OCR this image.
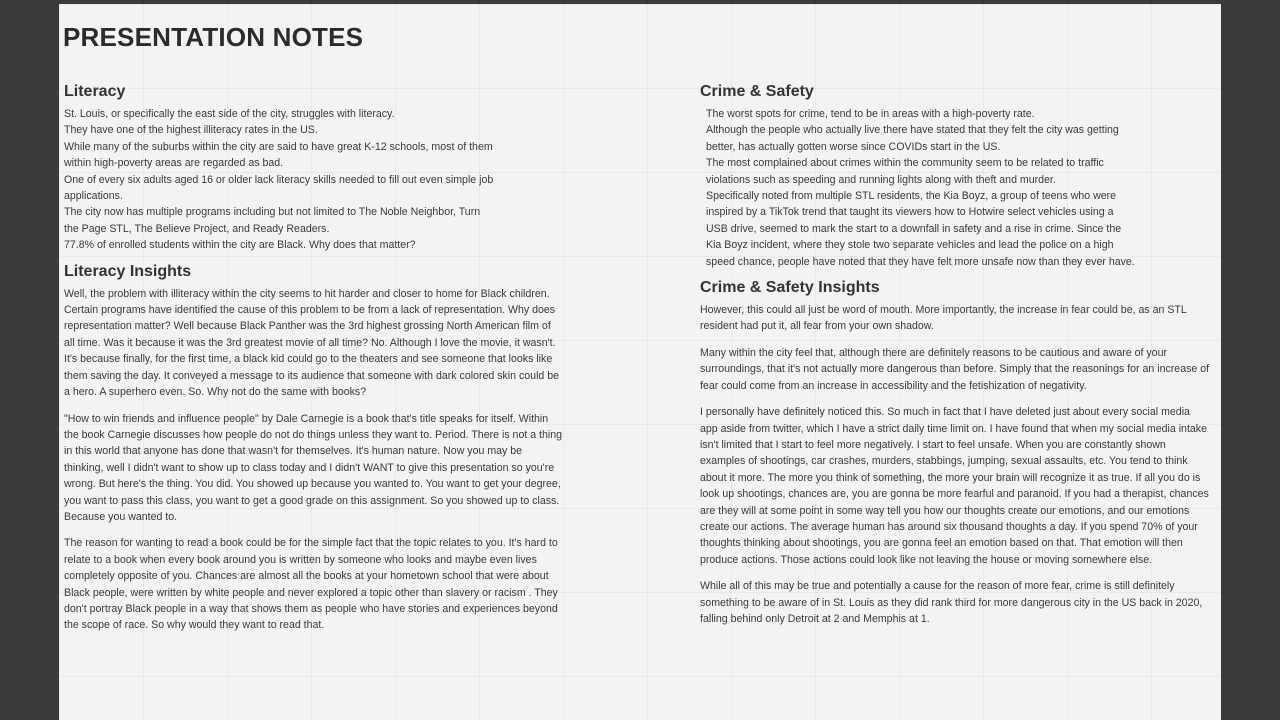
PRESENTATION NOTES
Literacy
St. Louis, or specifically the east side of the city, struggles with literacy.
They have one of the highest illiteracy rates in the US.
While many of the suburbs within the city are said to have great K-12 schools, most of them
within high-poverty areas are regarded as bad.
One of every six adults aged 16 or older lack literacy skills needed to fill out even simple job
applications.
The city now has multiple programs including but not limited to The Noble Neighbor, Turn
the Page STL, The Believe Project, and Ready Readers.
77.8% of enrolled students within the city are Black. Why does that matter?
Literacy Insights

Well, the problem with illiteracy within the city seems to hit harder and closer to home for Black children. Certain programs have identified the cause of this problem to be from a lack of representation. Why does representation matter? Well because Black Panther was the 3rd highest grossing North American film of all time. Was it because it was the 3rd greatest movie of all time? No. Although I love the movie, it wasn't. It's because finally, for the first time, a black kid could go to the theaters and see someone that looks like them saving the day. It conveyed a message to its audience that someone with dark colored skin could be a hero. A superhero even. So. Why not do the same with books?

"How to win friends and influence people" by Dale Carnegie is a book that's title speaks for itself. Within the book Carnegie discusses how people do not do things unless they want to. Period. There is not a thing in this world that anyone has done that wasn't for themselves. It's human nature. Now you may be thinking, well I didn't want to show up to class today and I didn't WANT to give this presentation so you're wrong. But here's the thing. You did. You showed up because you wanted to. You want to get your degree, you want to pass this class, you want to get a good grade on this assignment. So you showed up to class. Because you wanted to.

The reason for wanting to read a book could be for the simple fact that the topic relates to you. It's hard to relate to a book when every book around you is written by someone who looks and maybe even lives completely opposite of you. Chances are almost all the books at your hometown school that were about Black people, were written by white people and never explored a topic other than slavery or racism . They don't portray Black people in a way that shows them as people who have stories and experiences beyond the scope of race. So why would they want to read that.

Crime & Safety
The worst spots for crime, tend to be in areas with a high-poverty rate.
Although the people who actually live there have stated that they felt the city was getting
better, has actually gotten worse since COVIDs start in the US.
The most complained about crimes within the community seem to be related to traffic
violations such as speeding and running lights along with theft and murder.
Specifically noted from multiple STL residents, the Kia Boyz, a group of teens who were
inspired by a TikTok trend that taught its viewers how to Hotwire select vehicles using a
USB drive, seemed to mark the start to a downfall in safety and a rise in crime. Since the
Kia Boyz incident, where they stole two separate vehicles and lead the police on a high
speed chance, people have noted that they have felt more unsafe now than they ever have.
Crime & Safety Insights

However, this could all just be word of mouth. More importantly, the increase in fear could be, as an STL resident had put it, all fear from your own shadow.

Many within the city feel that, although there are definitely reasons to be cautious and aware of your surroundings, that it's not actually more dangerous than before. Simply that the reasonings for an increase of fear could come from an increase in accessibility and the fetishization of negativity.

I personally have definitely noticed this. So much in fact that I have deleted just about every social media app aside from twitter, which I have a strict daily time limit on. I have found that when my social media intake isn't limited that I start to feel more negatively. I start to feel unsafe. When you are constantly shown examples of shootings, car crashes, murders, stabbings, jumping, sexual assaults, etc. You tend to think about it more. The more you think of something, the more your brain will recognize it as true. If all you do is look up shootings, chances are, you are gonna be more fearful and paranoid. If you had a therapist, chances are they will at some point in some way tell you how our thoughts create our emotions, and our emotions create our actions. The average human has around six thousand thoughts a day. If you spend 70% of your thoughts thinking about shootings, you are gonna feel an emotion based on that. That emotion will then produce actions. Those actions could look like not leaving the house or moving somewhere else.

While all of this may be true and potentially a cause for the reason of more fear, crime is still definitely something to be aware of in St. Louis as they did rank third for more dangerous city in the US back in 2020, falling behind only Detroit at 2 and Memphis at 1.
